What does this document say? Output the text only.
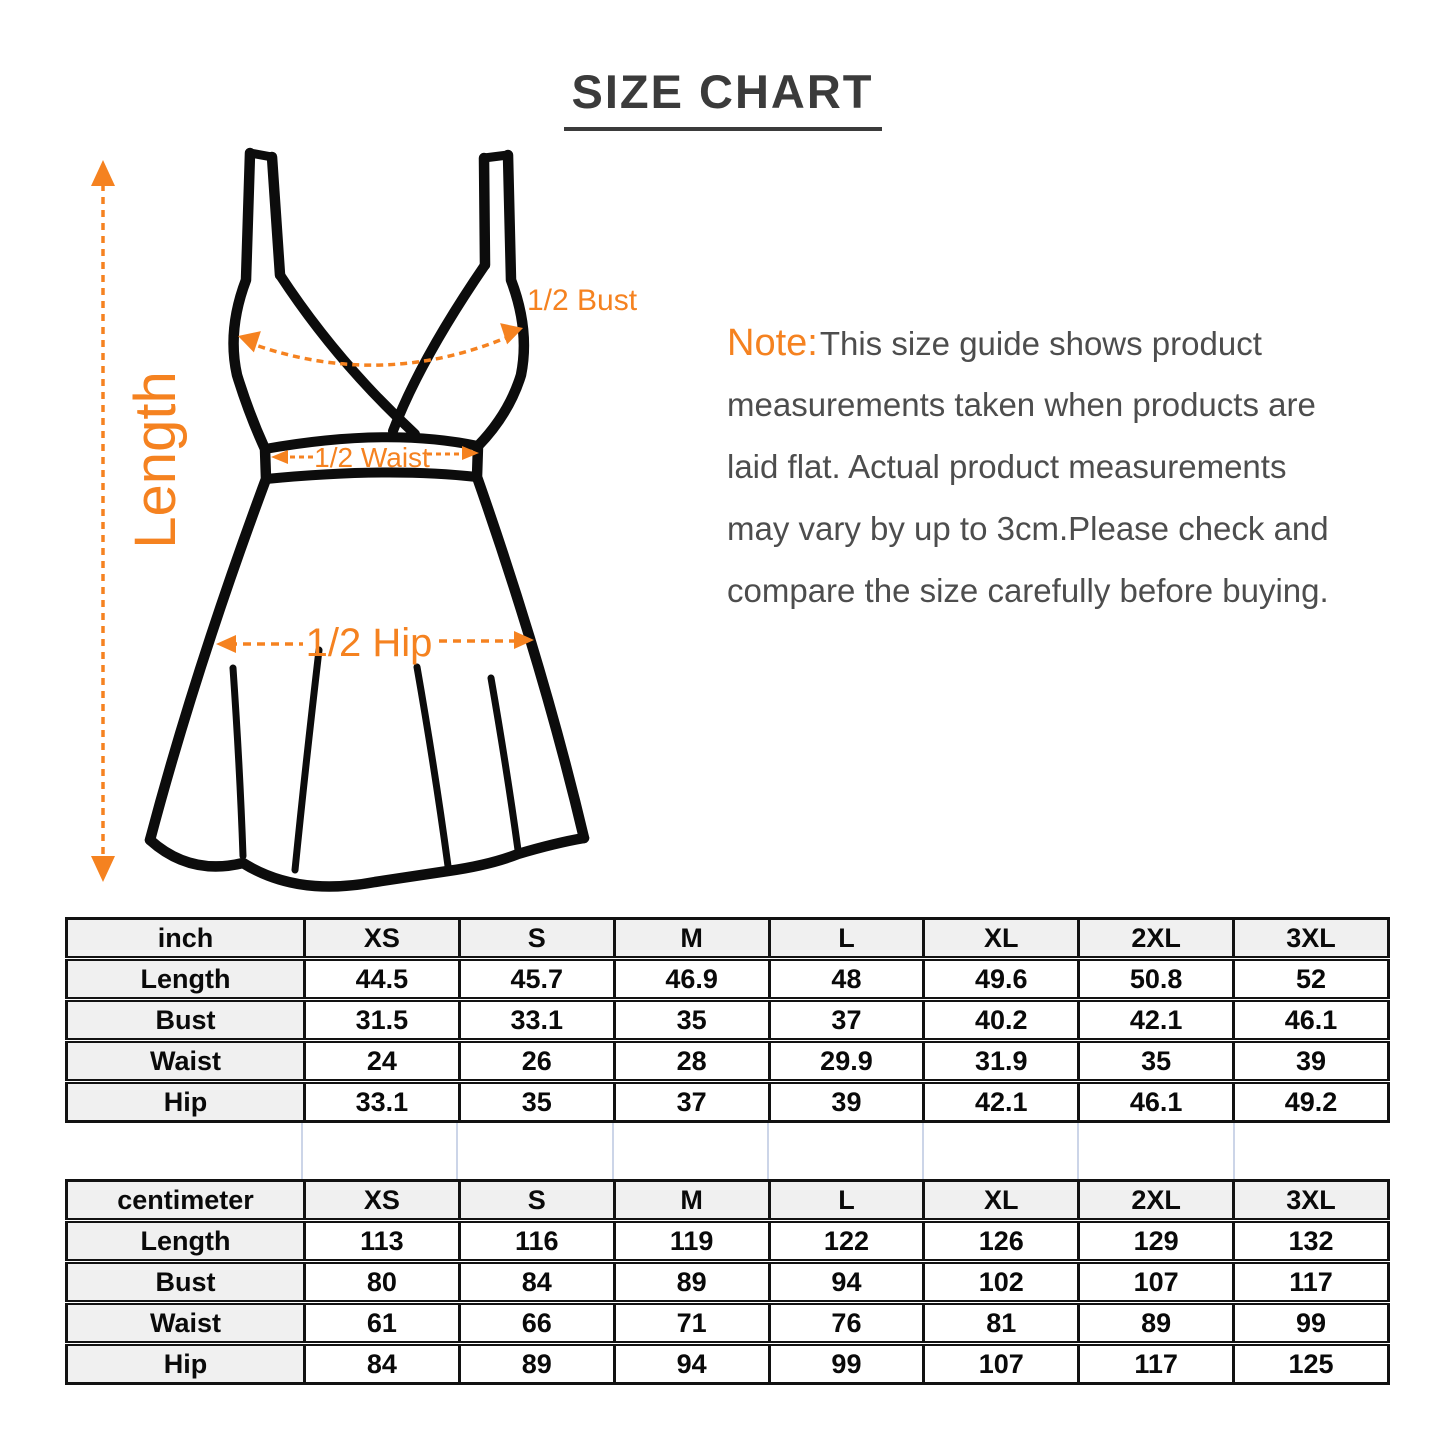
SIZE CHART
Length
1/2 Bust
1/2 Waist
1/2 Hip
Note:This size guide shows product
measurements taken when products are
laid flat. Actual product measurements
may vary by up to 3cm.Please check and
compare the size carefully before buying.
inch	XS	S	M	L	XL	2XL	3XL
Length	44.5	45.7	46.9	48	49.6	50.8	52
Bust	31.5	33.1	35	37	40.2	42.1	46.1
Waist	24	26	28	29.9	31.9	35	39
Hip	33.1	35	37	39	42.1	46.1	49.2
centimeter	XS	S	M	L	XL	2XL	3XL
Length	113	116	119	122	126	129	132
Bust	80	84	89	94	102	107	117
Waist	61	66	71	76	81	89	99
Hip	84	89	94	99	107	117	125
